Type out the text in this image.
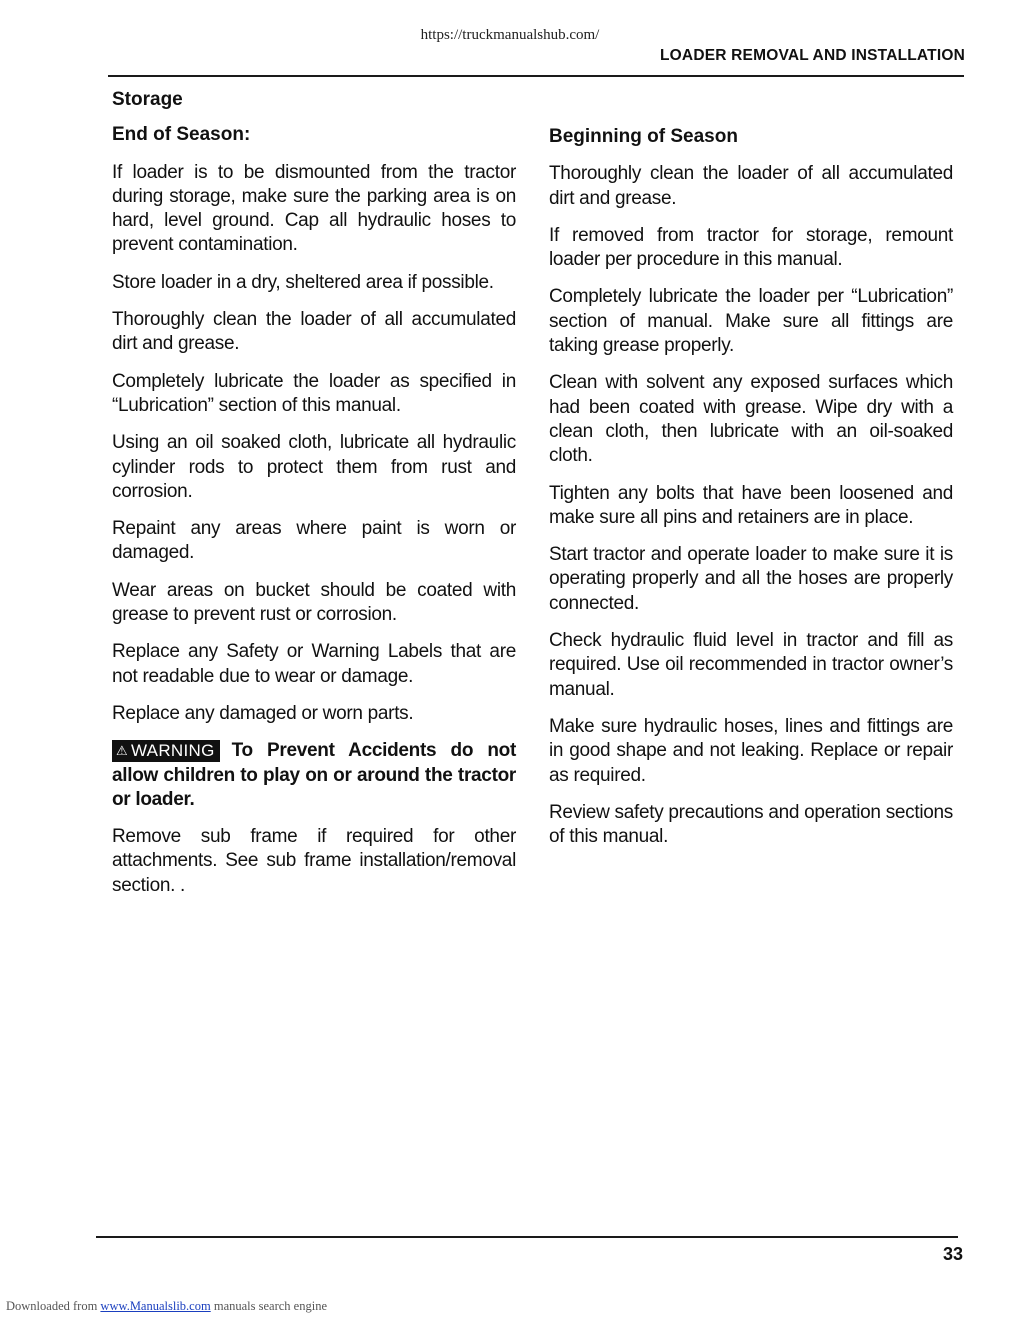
https://truckmanualshub.com/
LOADER REMOVAL AND INSTALLATION
Storage
End of Season:

If loader is to be dismounted from the tractor during storage, make sure the parking area is on hard, level ground. Cap all hydraulic hoses to prevent contamination.

Store loader in a dry, sheltered area if possible.

Thoroughly clean the loader of all accumulated dirt and grease.

Completely lubricate the loader as specified in “Lubrication” section of this manual.

Using an oil soaked cloth, lubricate all hydraulic cylinder rods to protect them from rust and corrosion.

Repaint any areas where paint is worn or damaged.

Wear areas on bucket should be coated with grease to prevent rust or corrosion.

Replace any Safety or Warning Labels that are not readable due to wear or damage.

Replace any damaged or worn parts.

⚠ WARNING To Prevent Accidents do not allow children to play on or around the tractor or loader.

Remove sub frame if required for other attachments. See sub frame installation/removal section. .

Beginning of Season

Thoroughly clean the loader of all accumulated dirt and grease.

If removed from tractor for storage, remount loader per procedure in this manual.

Completely lubricate the loader per “Lubrication” section of manual. Make sure all fittings are taking grease properly.

Clean with solvent any exposed surfaces which had been coated with grease. Wipe dry with a clean cloth, then lubricate with an oil-soaked cloth.

Tighten any bolts that have been loosened and make sure all pins and retainers are in place.

Start tractor and operate loader to make sure it is operating properly and all the hoses are properly connected.

Check hydraulic fluid level in tractor and fill as required. Use oil recommended in tractor owner’s manual.

Make sure hydraulic hoses, lines and fittings are in good shape and not leaking. Replace or repair as required.

Review safety precautions and operation sections of this manual.

33
Downloaded from www.Manualslib.com manuals search engine
